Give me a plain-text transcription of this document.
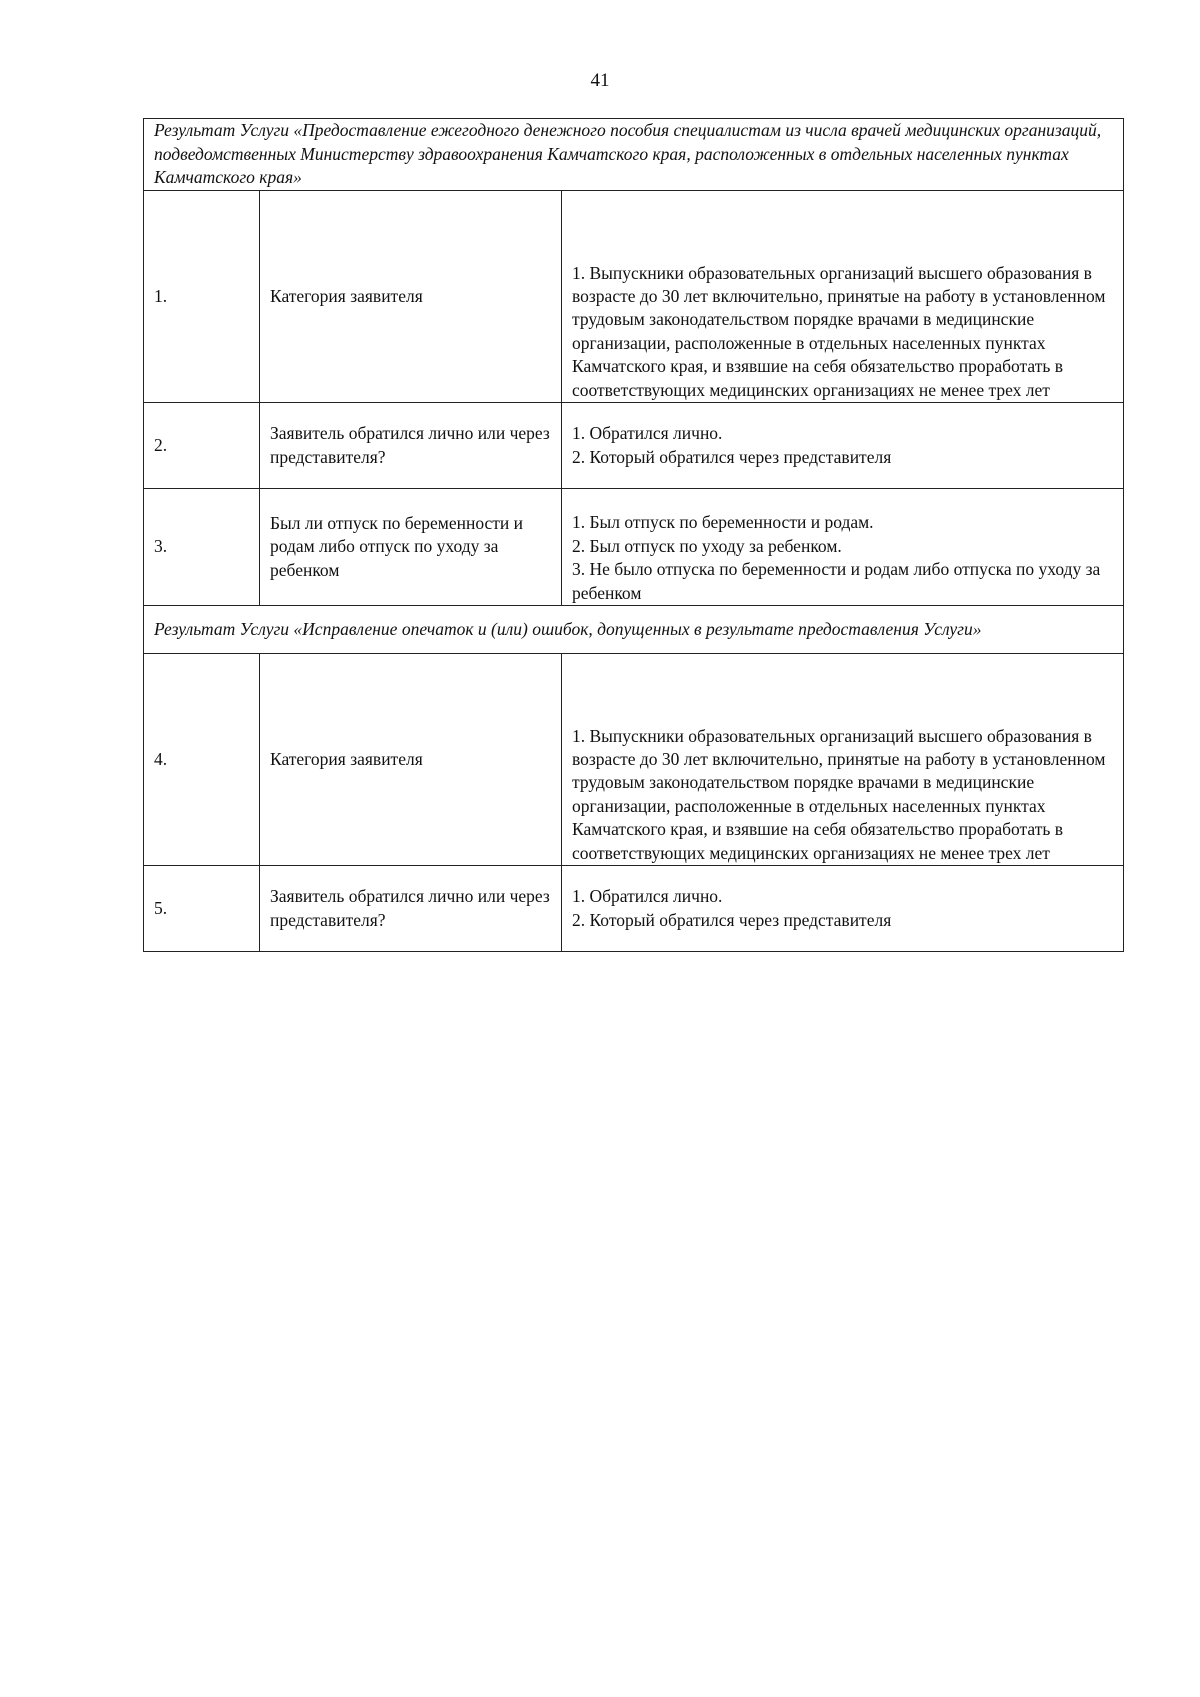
41
Результат Услуги «Предоставление ежегодного денежного пособия специалистам из числа врачей медицинских организаций, подведомственных Министерству здравоохранения Камчатского края, расположенных в отдельных населенных пунктах Камчатского края»		
1.	Категория заявителя	1. Выпускники образовательных организаций высшего образования в возрасте до 30 лет включительно, принятые на работу в установленном трудовым законодательством порядке врачами в медицинские организации, расположенные в отдельных населенных пунктах Камчатского края, и взявшие на себя обязательство проработать в соответствующих медицинских организациях не менее трех лет

2.	Заявитель обратился лично или через представителя?	1. Обратился лично.
2. Который обратился через представителя

3.	Был ли отпуск по беременности и родам либо отпуск по уходу за ребенком	1. Был отпуск по беременности и родам.
2. Был отпуск по уходу за ребенком.
3. Не было отпуска по беременности и родам либо отпуска по уходу за ребенком

Результат Услуги «Исправление опечаток и (или) ошибок, допущенных в результате предоставления Услуги»		
4.	Категория заявителя	1. Выпускники образовательных организаций высшего образования в возрасте до 30 лет включительно, принятые на работу в установленном трудовым законодательством порядке врачами в медицинские организации, расположенные в отдельных населенных пунктах Камчатского края, и взявшие на себя обязательство проработать в соответствующих медицинских организациях не менее трех лет

5.	Заявитель обратился лично или через представителя?	1. Обратился лично.
2. Который обратился через представителя
